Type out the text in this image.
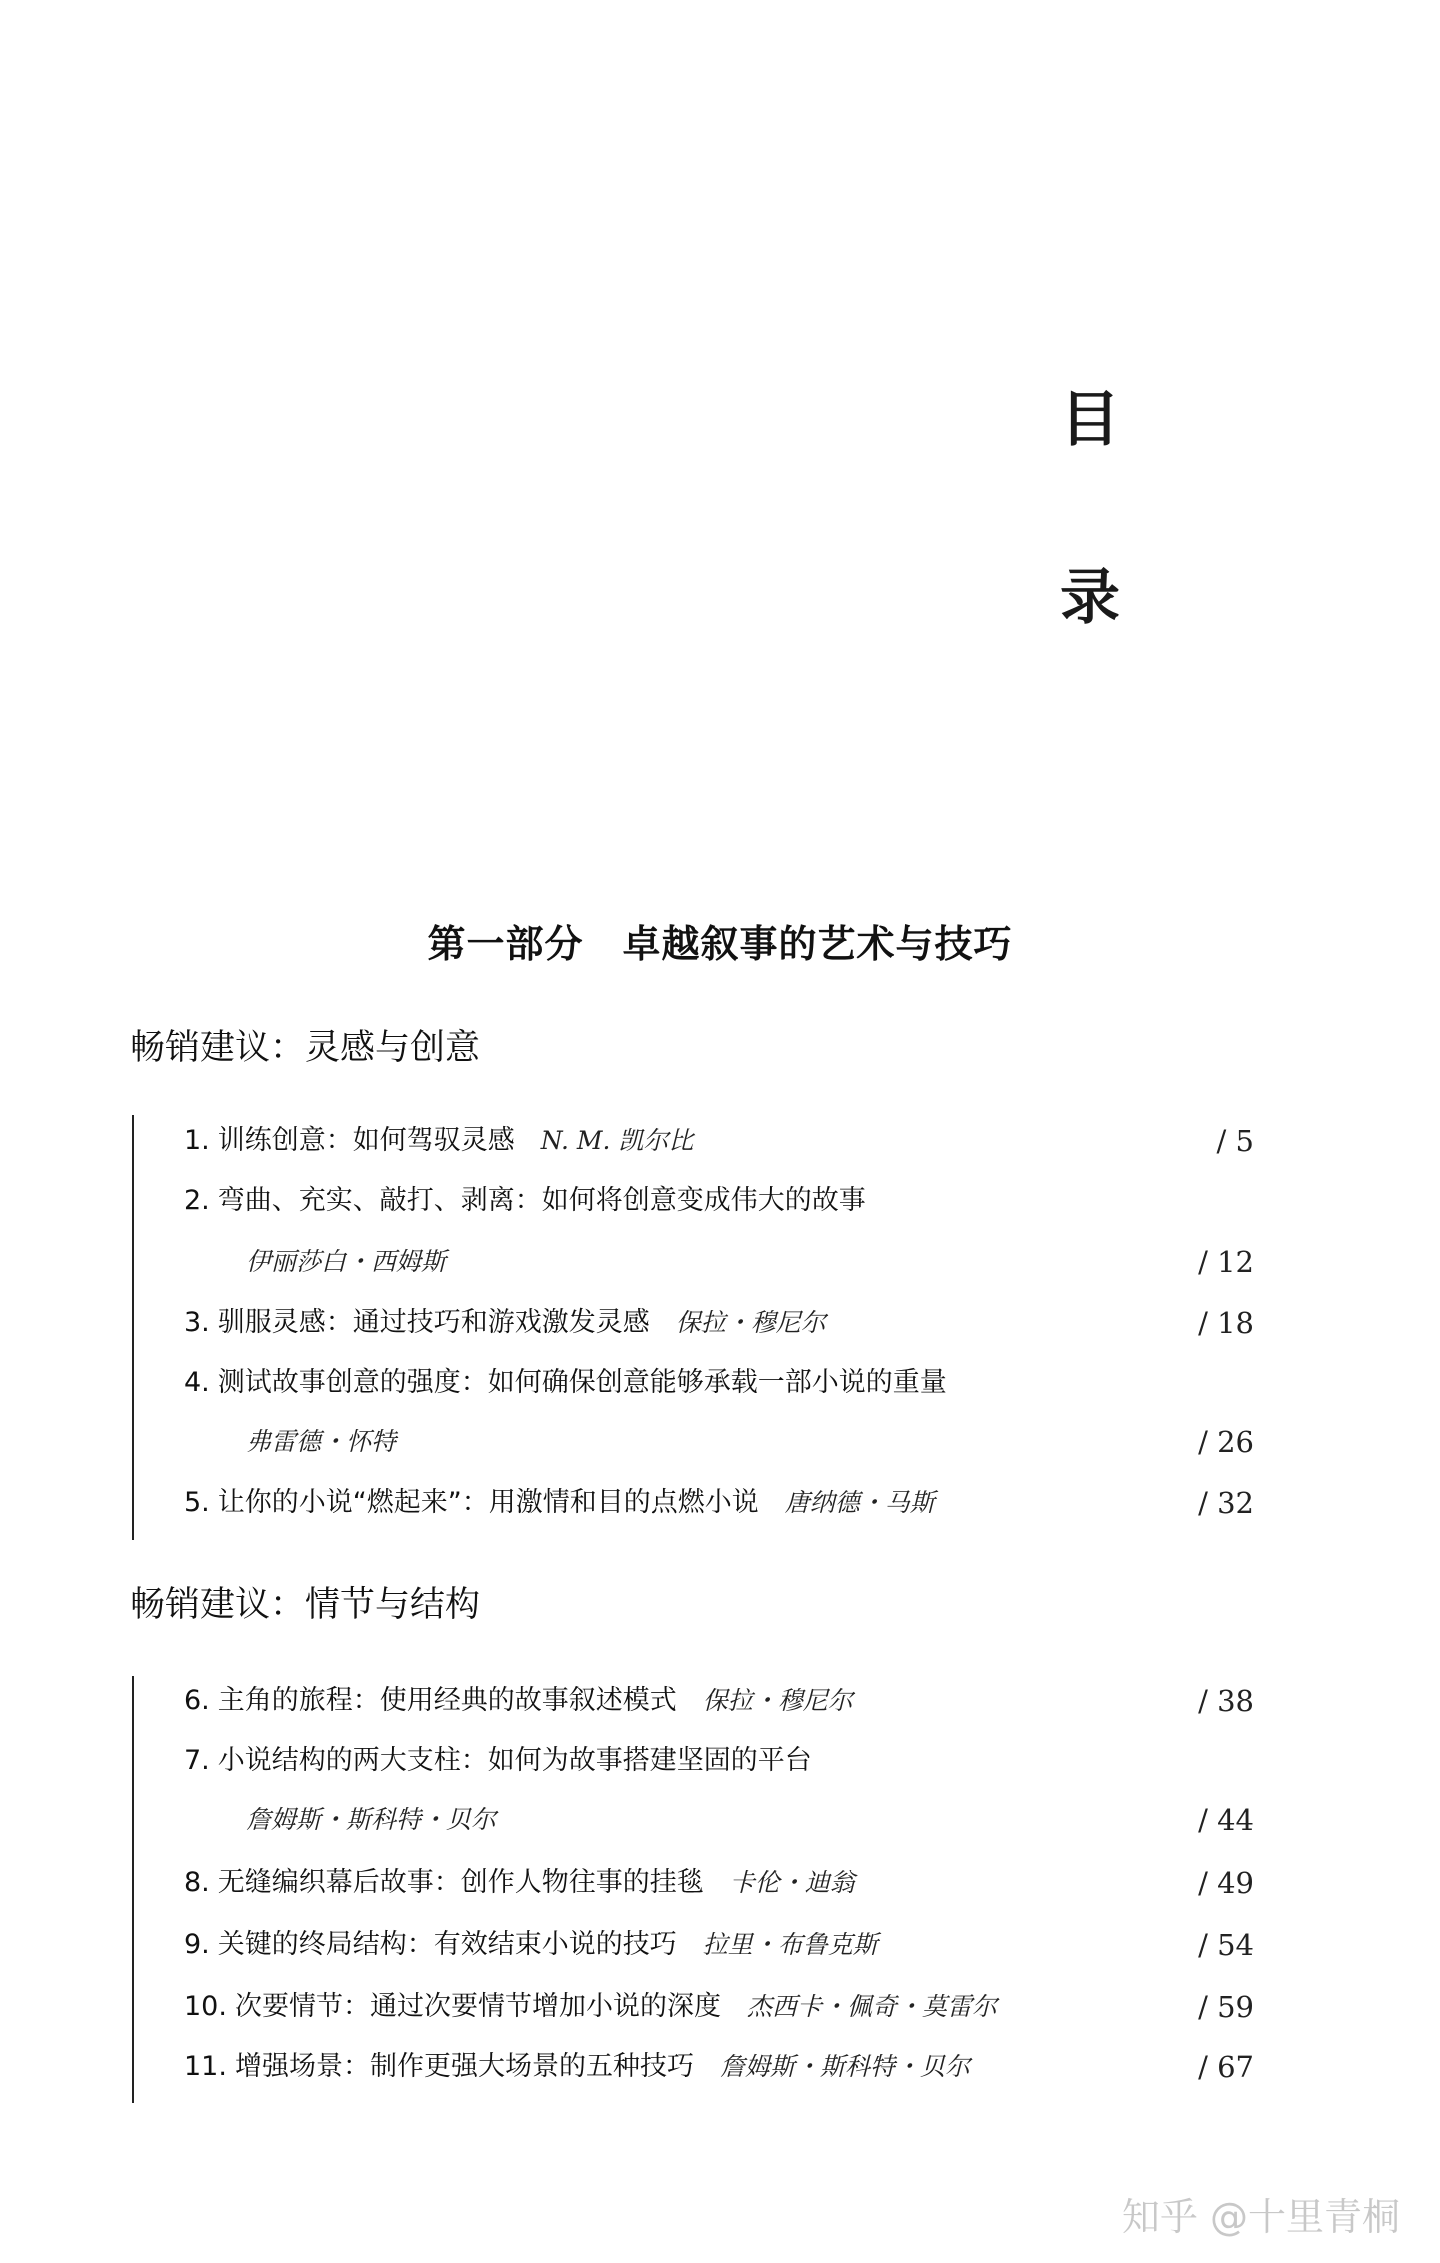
目
录
第一部分　卓越叙事的艺术与技巧
畅销建议：灵感与创意
1. 训练创意：如何驾驭灵感 N. M. 凯尔比	/ 5
2. 弯曲、充实、敲打、剥离：如何将创意变成伟大的故事
伊丽莎白・西姆斯	/ 12
3. 驯服灵感：通过技巧和游戏激发灵感 保拉・穆尼尔	/ 18
4. 测试故事创意的强度：如何确保创意能够承载一部小说的重量
弗雷德・怀特	/ 26
5. 让你的小说“燃起来”：用激情和目的点燃小说 唐纳德・马斯	/ 32
畅销建议：情节与结构
6. 主角的旅程：使用经典的故事叙述模式 保拉・穆尼尔	/ 38
7. 小说结构的两大支柱：如何为故事搭建坚固的平台
詹姆斯・斯科特・贝尔	/ 44
8. 无缝编织幕后故事：创作人物往事的挂毯 卡伦・迪翁	/ 49
9. 关键的终局结构：有效结束小说的技巧 拉里・布鲁克斯	/ 54
10. 次要情节：通过次要情节增加小说的深度 杰西卡・佩奇・莫雷尔	/ 59
11. 增强场景：制作更强大场景的五种技巧 詹姆斯・斯科特・贝尔	/ 67
知乎 @十里青桐
